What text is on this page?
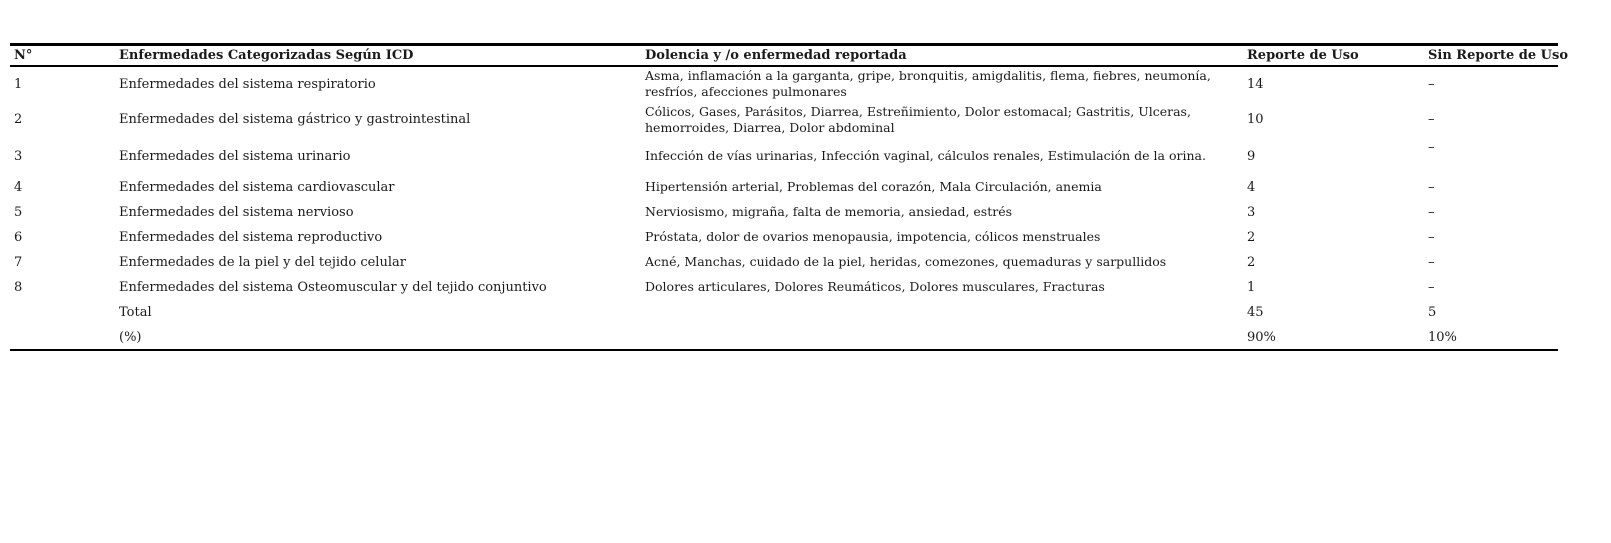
N°	Enfermedades Categorizadas Según ICD	Dolencia y /o enfermedad reportada	Reporte de Uso	Sin Reporte de Uso
1	Enfermedades del sistema respiratorio	Asma, inflamación a la garganta, gripe, bronquitis, amigdalitis, flema, fiebres, neumonía, resfríos, afecciones pulmonares	14	–
2	Enfermedades del sistema gástrico y gastrointestinal	Cólicos, Gases, Parásitos, Diarrea, Estreñimiento, Dolor estomacal; Gastritis, Ulceras, hemorroides, Diarrea, Dolor abdominal	10	–
3	Enfermedades del sistema urinario	Infección de vías urinarias, Infección vaginal, cálculos renales, Estimulación de la orina.	9	–
4	Enfermedades del sistema cardiovascular	Hipertensión arterial, Problemas del corazón, Mala Circulación, anemia	4	–
5	Enfermedades del sistema nervioso	Nerviosismo, migraña, falta de memoria, ansiedad, estrés	3	–
6	Enfermedades del sistema reproductivo	Próstata, dolor de ovarios menopausia, impotencia, cólicos menstruales	2	–
7	Enfermedades de la piel y del tejido celular	Acné, Manchas, cuidado de la piel, heridas, comezones, quemaduras y sarpullidos	2	–
8	Enfermedades del sistema Osteomuscular y del tejido conjuntivo	Dolores articulares, Dolores Reumáticos, Dolores musculares, Fracturas	1	–
	Total		45	5
	(%)		90%	10%
